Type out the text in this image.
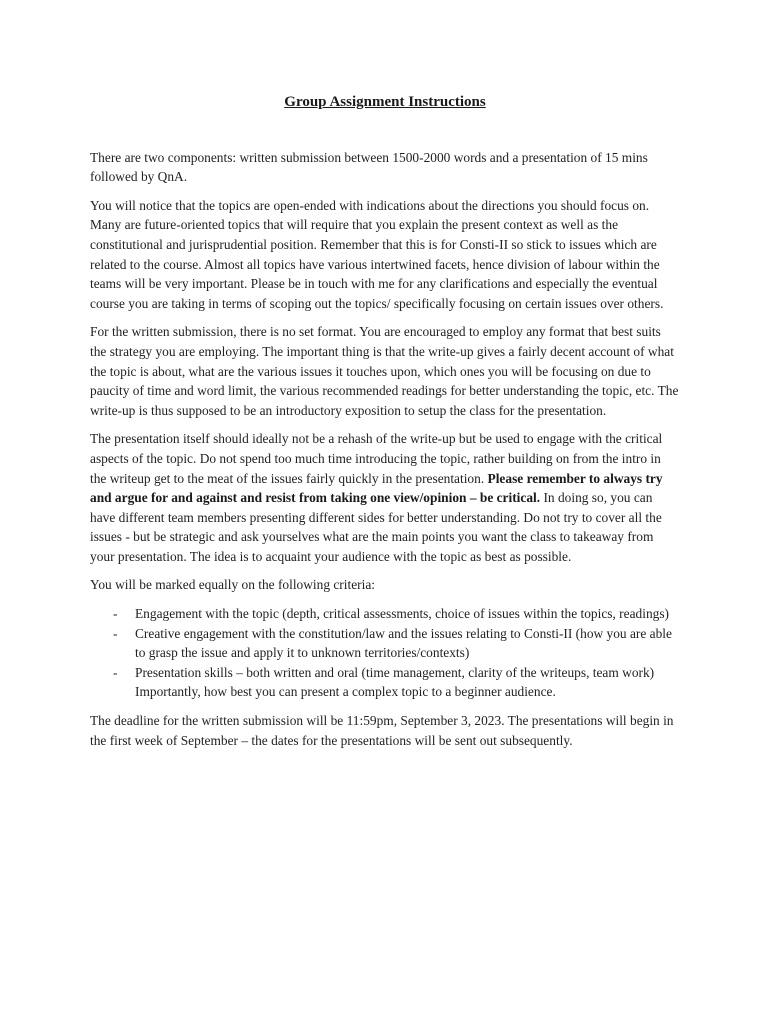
Group Assignment Instructions

There are two components: written submission between 1500-2000 words and a presentation of 15 mins followed by QnA.

You will notice that the topics are open-ended with indications about the directions you should focus on. Many are future-oriented topics that will require that you explain the present context as well as the constitutional and jurisprudential position. Remember that this is for Consti-II so stick to issues which are related to the course. Almost all topics have various intertwined facets, hence division of labour within the teams will be very important. Please be in touch with me for any clarifications and especially the eventual course you are taking in terms of scoping out the topics/ specifically focusing on certain issues over others.

For the written submission, there is no set format. You are encouraged to employ any format that best suits the strategy you are employing. The important thing is that the write-up gives a fairly decent account of what the topic is about, what are the various issues it touches upon, which ones you will be focusing on due to paucity of time and word limit, the various recommended readings for better understanding the topic, etc. The write-up is thus supposed to be an introductory exposition to setup the class for the presentation.

The presentation itself should ideally not be a rehash of the write-up but be used to engage with the critical aspects of the topic. Do not spend too much time introducing the topic, rather building on from the intro in the writeup get to the meat of the issues fairly quickly in the presentation. Please remember to always try and argue for and against and resist from taking one view/opinion – be critical. In doing so, you can have different team members presenting different sides for better understanding. Do not try to cover all the issues - but be strategic and ask yourselves what are the main points you want the class to takeaway from your presentation. The idea is to acquaint your audience with the topic as best as possible.

You will be marked equally on the following criteria:

-	Engagement with the topic (depth, critical assessments, choice of issues within the topics, readings)
-	Creative engagement with the constitution/law and the issues relating to Consti-II (how you are able to grasp the issue and apply it to unknown territories/contexts)
-	Presentation skills – both written and oral (time management, clarity of the writeups, team work) Importantly, how best you can present a complex topic to a beginner audience.

The deadline for the written submission will be 11:59pm, September 3, 2023. The presentations will begin in the first week of September – the dates for the presentations will be sent out subsequently.
